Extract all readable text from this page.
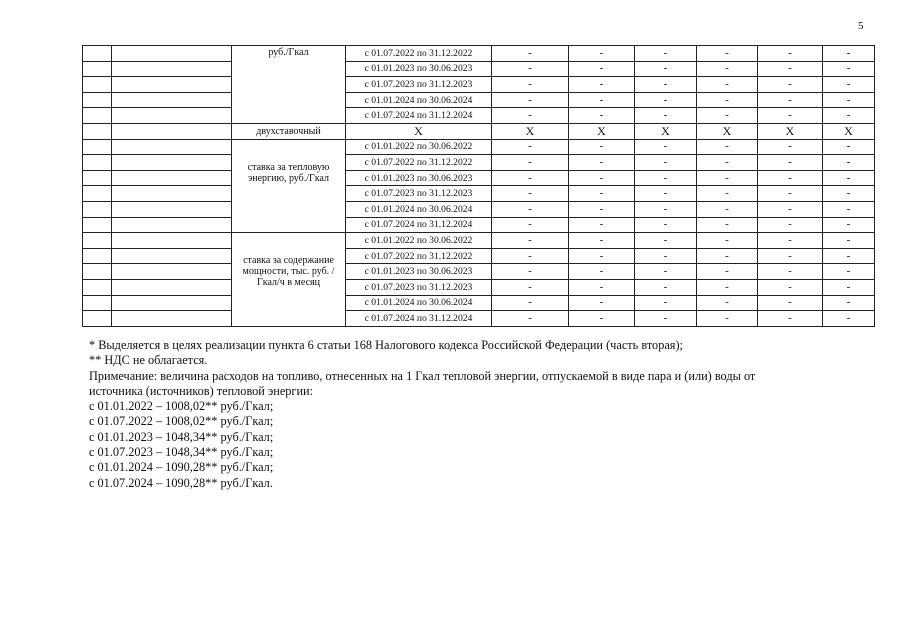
5
		руб./Гкал	с 01.07.2022 по 31.12.2022	-	-	-	-	-	-
			с 01.01.2023 по 30.06.2023	-	-	-	-	-	-
			с 01.07.2023 по 31.12.2023	-	-	-	-	-	-
			с 01.01.2024 по 30.06.2024	-	-	-	-	-	-
			с 01.07.2024 по 31.12.2024	-	-	-	-	-	-
		двухставочный	X	X	X	X	X	X	X
		ставка за тепловую энергию, руб./Гкал	с 01.01.2022 по 30.06.2022	-	-	-	-	-	-
			с 01.07.2022 по 31.12.2022	-	-	-	-	-	-
			с 01.01.2023 по 30.06.2023	-	-	-	-	-	-
			с 01.07.2023 по 31.12.2023	-	-	-	-	-	-
			с 01.01.2024 по 30.06.2024	-	-	-	-	-	-
			с 01.07.2024 по 31.12.2024	-	-	-	-	-	-
		ставка за содержание мощности, тыс. руб. /Гкал/ч в месяц	с 01.01.2022 по 30.06.2022	-	-	-	-	-	-
			с 01.07.2022 по 31.12.2022	-	-	-	-	-	-
			с 01.01.2023 по 30.06.2023	-	-	-	-	-	-
			с 01.07.2023 по 31.12.2023	-	-	-	-	-	-
			с 01.01.2024 по 30.06.2024	-	-	-	-	-	-
			с 01.07.2024 по 31.12.2024	-	-	-	-	-	-

* Выделяется в целях реализации пункта 6 статьи 168 Налогового кодекса Российской Федерации (часть вторая);

** НДС не облагается.

Примечание: величина расходов на топливо, отнесенных на 1 Гкал тепловой энергии, отпускаемой в виде пара и (или) воды от источника (источников) тепловой энергии:

с 01.01.2022 – 1008,02** руб./Гкал;

с 01.07.2022 – 1008,02** руб./Гкал;

с 01.01.2023 – 1048,34** руб./Гкал;

с 01.07.2023 – 1048,34** руб./Гкал;

с 01.01.2024 – 1090,28** руб./Гкал;

с 01.07.2024 – 1090,28** руб./Гкал.
